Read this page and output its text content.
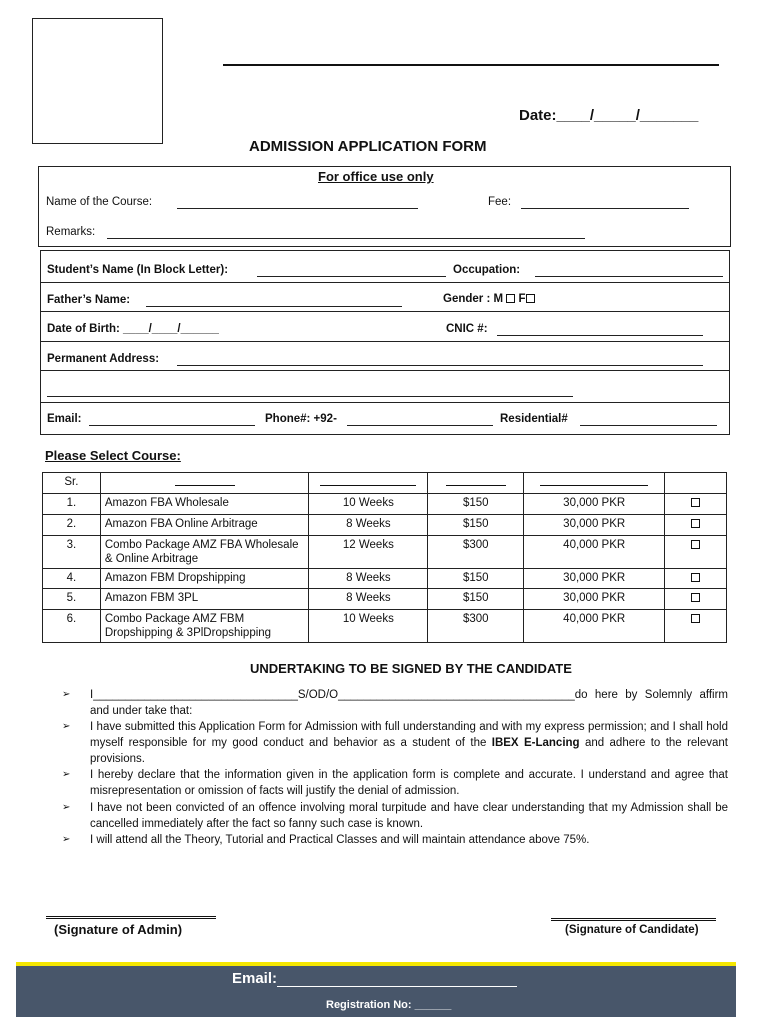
Date:____/_____/_______
ADMISSION APPLICATION FORM
For office use only
Name of the Course:	Fee:
Remarks:
Student’s Name (In Block Letter):	Occupation:
Father’s Name:	Gender : M F
Date of Birth: ____/____/______	CNIC #:
Permanent Address:
Email:	Phone#: +92-	Residential#
Please Select Course:
Sr.					
1.	Amazon FBA Wholesale	10 Weeks	$150	30,000 PKR	
2.	Amazon FBA Online Arbitrage	8 Weeks	$150	30,000 PKR	
3.	Combo Package AMZ FBA Wholesale & Online Arbitrage	12 Weeks	$300	40,000 PKR	
4.	Amazon FBM Dropshipping	8 Weeks	$150	30,000 PKR	
5.	Amazon FBM 3PL	8 Weeks	$150	30,000 PKR	
6.	Combo Package AMZ FBM Dropshipping & 3PlDropshipping	10 Weeks	$300	40,000 PKR	
UNDERTAKING TO BE SIGNED BY THE CANDIDATE
➢ I________________________________S/OD/O_____________________________________do here by Solemnly affirm and under take that:
➢ I have submitted this Application Form for Admission with full understanding and with my express permission; and I shall hold myself responsible for my good conduct and behavior as a student of the IBEX E-Lancing and adhere to the relevant provisions.
➢ I hereby declare that the information given in the application form is complete and accurate. I understand and agree that misrepresentation or omission of facts will justify the denial of admission.
➢ I have not been convicted of an offence involving moral turpitude and have clear understanding that my Admission shall be cancelled immediately after the fact so fanny such case is known.
➢ I will attend all the Theory, Tutorial and Practical Classes and will maintain attendance above 75%.
(Signature of Admin)	(Signature of Candidate)
Email:
Registration No: ______
